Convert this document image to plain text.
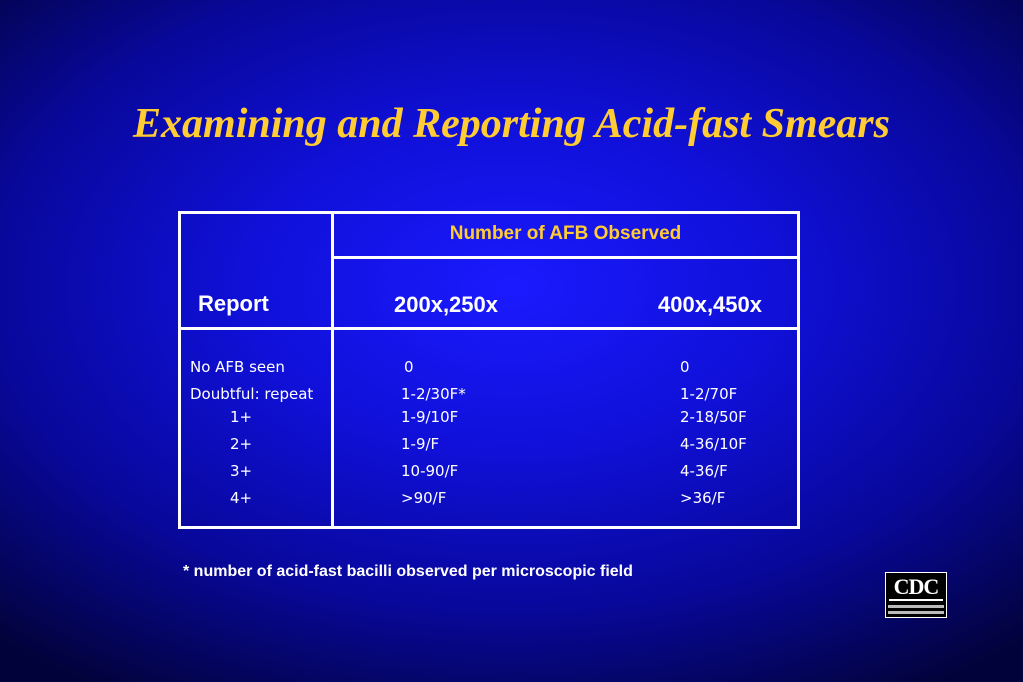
Examining and Reporting Acid-fast Smears
Number of AFB Observed
Report	200x,250x	400x,450x
No AFB seen	0	0
Doubtful: repeat	1-2/30F*	1-2/70F
1+	1-9/10F	2-18/50F
2+	1-9/F	4-36/10F
3+	10-90/F	4-36/F
4+	>90/F	>36/F
* number of acid-fast bacilli observed per microscopic field
CDC
